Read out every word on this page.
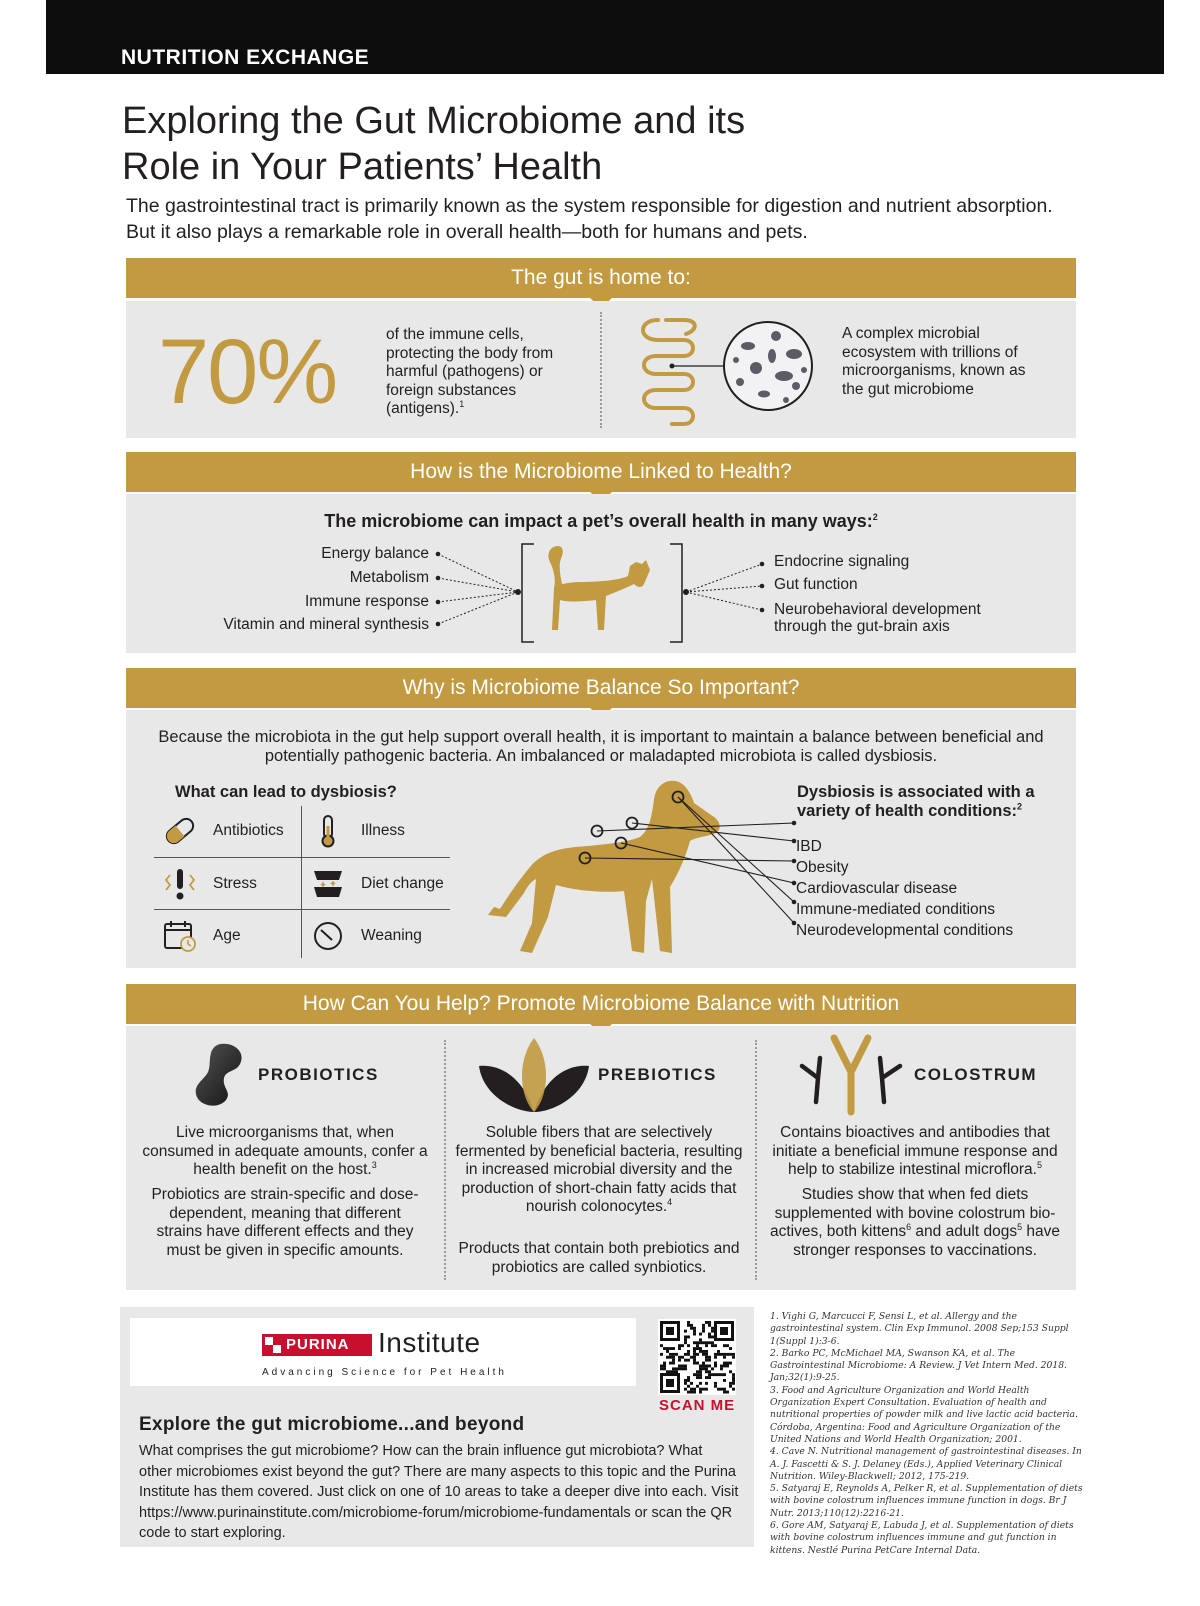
NUTRITION EXCHANGE
Exploring the Gut Microbiome and its
Role in Your Patients’ Health

The gastrointestinal tract is primarily known as the system responsible for digestion and nutrient absorption. But it also plays a remarkable role in overall health—both for humans and pets.

The gut is home to:
70%	of the immune cells, protecting the body from harmful (pathogens) or foreign substances (antigens).$^1$
A complex microbial ecosystem with trillions of microorganisms, known as the gut microbiome
How is the Microbiome Linked to Health?
The microbiome can impact a pet’s overall health in many ways:$^2$
Energy balance
Metabolism
Immune response
Vitamin and mineral synthesis
Endocrine signaling
Gut function
Neurobehavioral development through the gut-brain axis
Why is Microbiome Balance So Important?

Because the microbiota in the gut help support overall health, it is important to maintain a balance between beneficial and potentially pathogenic bacteria. An imbalanced or maladapted microbiota is called dysbiosis.

What can lead to dysbiosis?
Antibiotics	Illness
Stress	Diet change
Age	Weaning
Dysbiosis is associated with a variety of health conditions:$^2$
IBD
Obesity
Cardiovascular disease
Immune-mediated conditions
Neurodevelopmental conditions
How Can You Help? Promote Microbiome Balance with Nutrition
PROBIOTICS
Live microorganisms that, when consumed in adequate amounts, confer a health benefit on the host.$^3$
Probiotics are strain-specific and dose-dependent, meaning that different strains have different effects and they must be given in specific amounts.
PREBIOTICS
Soluble fibers that are selectively fermented by beneficial bacteria, resulting in increased microbial diversity and the production of short-chain fatty acids that nourish colonocytes.$^4$
Products that contain both prebiotics and probiotics are called synbiotics.
COLOSTRUM
Contains bioactives and antibodies that initiate a beneficial immune response and help to stabilize intestinal microflora.$^5$
Studies show that when fed diets supplemented with bovine colostrum bio-actives, both kittens$^6$ and adult dogs$^5$ have stronger responses to vaccinations.
PURINA Institute
Advancing Science for Pet Health
SCAN ME
Explore the gut microbiome...and beyond

What comprises the gut microbiome? How can the brain influence gut microbiota? What other microbiomes exist beyond the gut? There are many aspects to this topic and the Purina Institute has them covered. Just click on one of 10 areas to take a deeper dive into each. Visit https://www.purinainstitute.com/microbiome-forum/microbiome-fundamentals or scan the QR code to start exploring.

1. Vighi G, Marcucci F, Sensi L, et al. Allergy and the gastrointestinal system. Clin Exp Immunol. 2008 Sep;153 Suppl 1(Suppl 1):3-6.

2. Barko PC, McMichael MA, Swanson KA, et al. The Gastrointestinal Microbiome: A Review. J Vet Intern Med. 2018. Jan;32(1):9-25.

3. Food and Agriculture Organization and World Health Organization Expert Consultation. Evaluation of health and nutritional properties of powder milk and live lactic acid bacteria. Córdoba, Argentina: Food and Agriculture Organization of the United Nations and World Health Organization; 2001.

4. Cave N. Nutritional management of gastrointestinal diseases. In A. J. Fascetti & S. J. Delaney (Eds.), Applied Veterinary Clinical Nutrition. Wiley-Blackwell; 2012, 175-219.

5. Satyaraj E, Reynolds A, Pelker R, et al. Supplementation of diets with bovine colostrum influences immune function in dogs. Br J Nutr. 2013;110(12):2216-21.

6. Gore AM, Satyaraj E, Labuda J, et al. Supplementation of diets with bovine colostrum influences immune and gut function in kittens. Nestlé Purina PetCare Internal Data.
